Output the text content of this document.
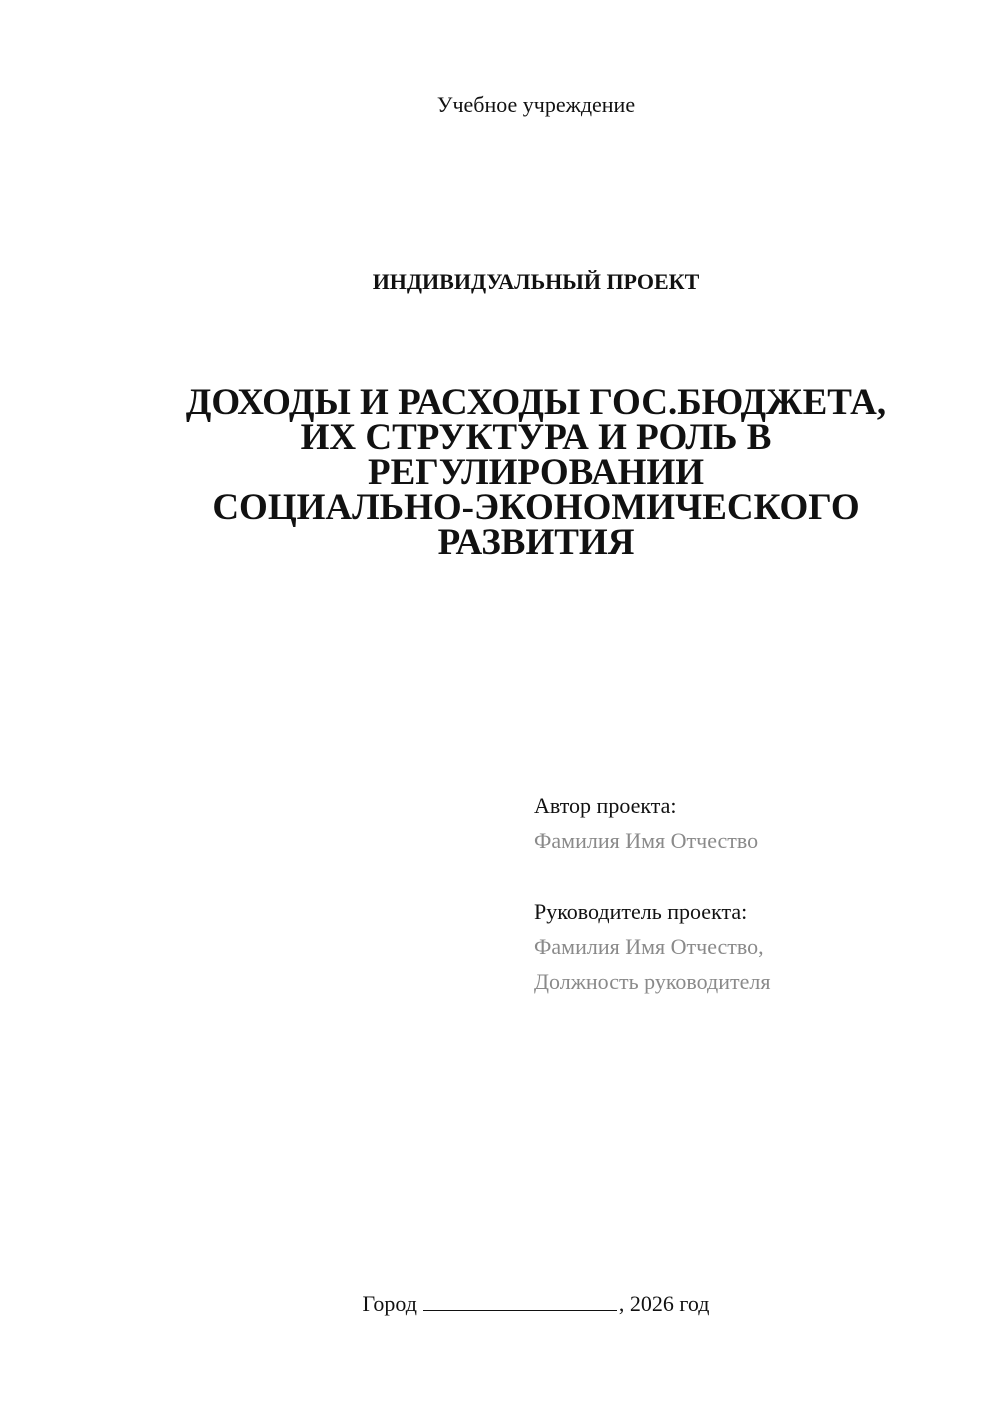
Учебное учреждение
ИНДИВИДУАЛЬНЫЙ ПРОЕКТ
ДОХОДЫ И РАСХОДЫ ГОС.БЮДЖЕТА,
ИХ СТРУКТУРА И РОЛЬ В
РЕГУЛИРОВАНИИ
СОЦИАЛЬНО-ЭКОНОМИЧЕСКОГО
РАЗВИТИЯ
Автор проекта:
Фамилия Имя Отчество
Руководитель проекта:
Фамилия Имя Отчество,
Должность руководителя
Город	, 2026 год
